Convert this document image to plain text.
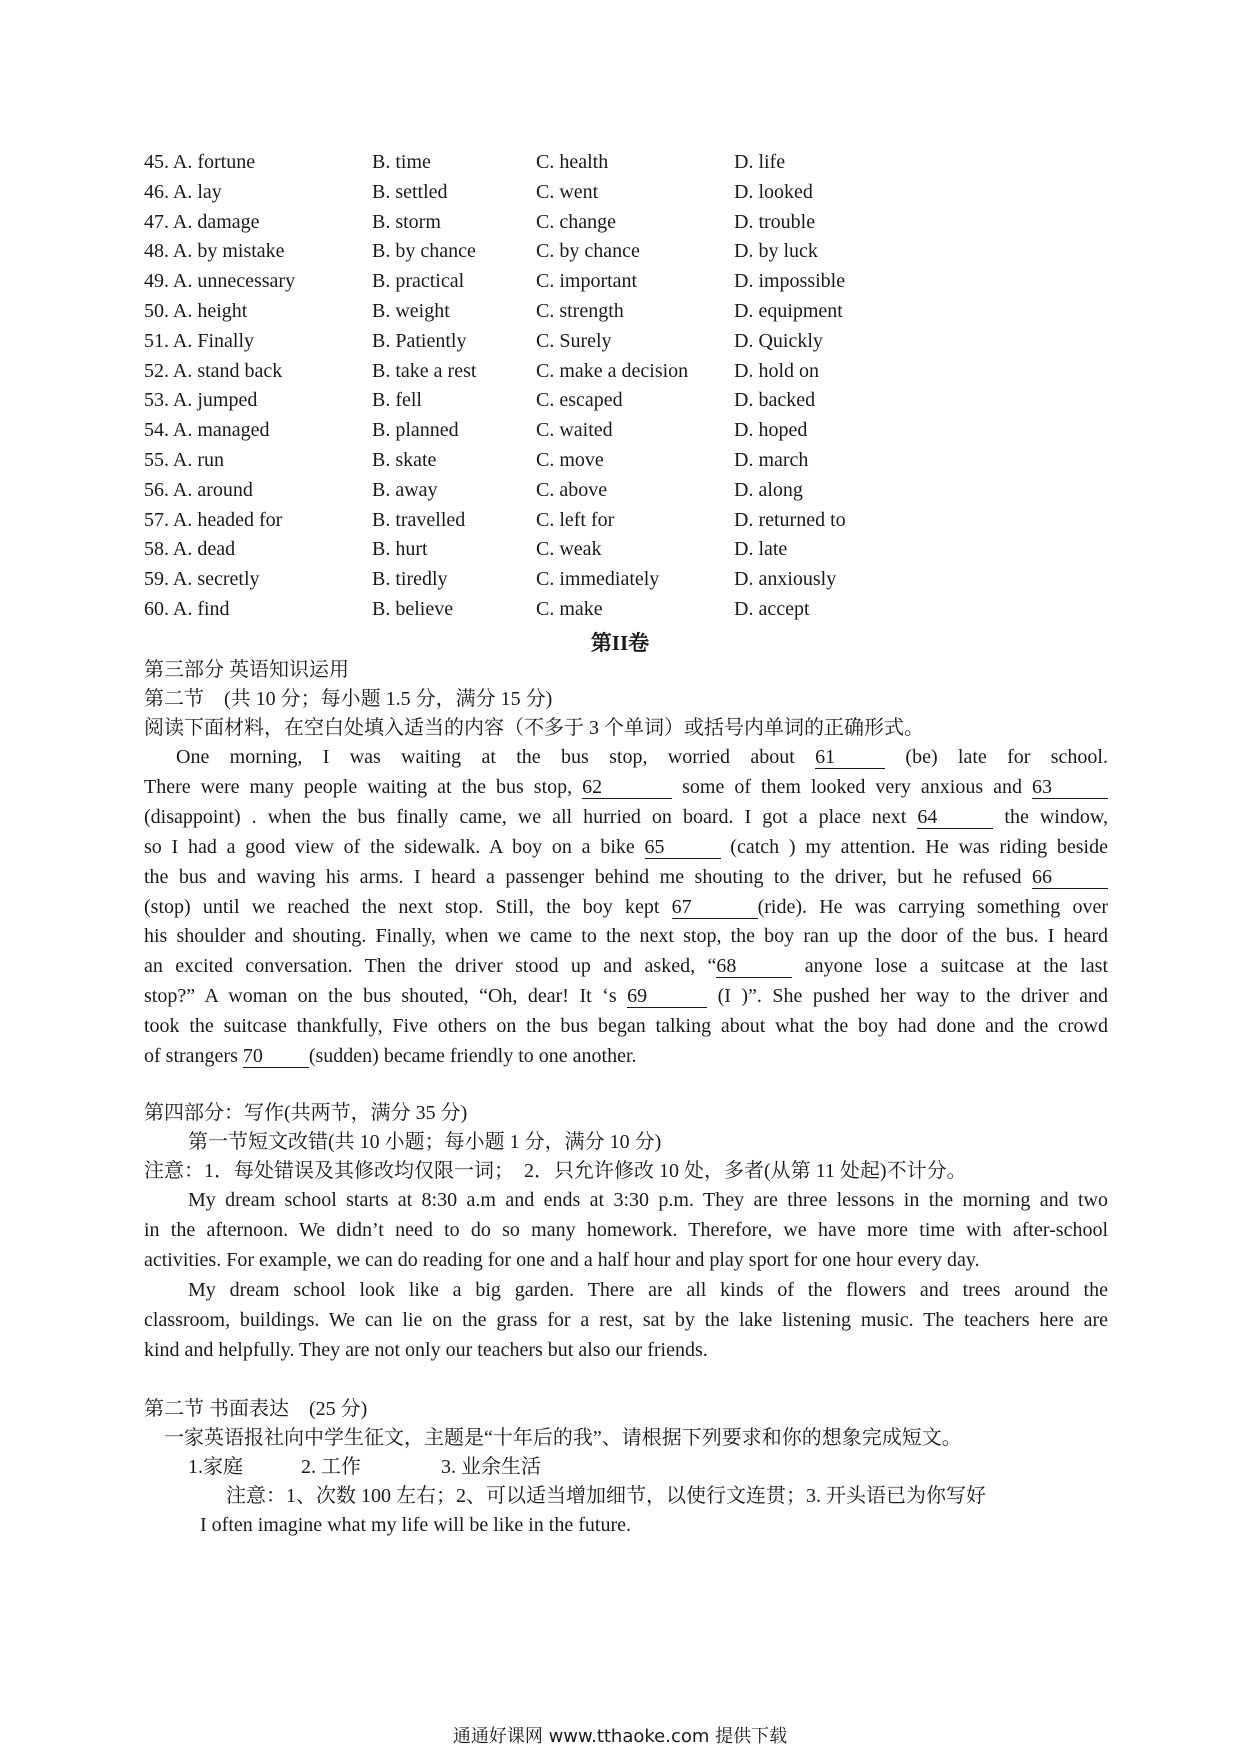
45. A. fortune	B. time	C. health	D. life
46. A. lay	B. settled	C. went	D. looked
47. A. damage	B. storm	C. change	D. trouble
48. A. by mistake	B. by chance	C. by chance	D. by luck
49. A. unnecessary	B. practical	C. important	D. impossible
50. A. height	B. weight	C. strength	D. equipment
51. A. Finally	B. Patiently	C. Surely	D. Quickly
52. A. stand back	B. take a rest	C. make a decision D. hold on
53. A. jumped	B. fell	C. escaped	D. backed
54. A. managed	B. planned	C. waited	D. hoped
55. A. run	B. skate	C. move	D. march
56. A. around	B. away	C. above	D. along
57. A. headed for	B. travelled	C. left for	D. returned to
58. A. dead	B. hurt	C. weak	D. late
59. A. secretly	B. tiredly	C. immediately	D. anxiously
60. A. find	B. believe	C. make	D. accept
第II卷
第三部分 英语知识运用
第二节　(共 10 分；每小题 1.5 分，满分 15 分)
阅读下面材料，在空白处填入适当的内容（不多于 3 个单词）或括号内单词的正确形式。
One morning, I was waiting at the bus stop, worried about 61	(be) late for school.
There were many people waiting at the bus stop, 62	some of them looked very anxious and 63
(disappoint) . when the bus finally came, we all hurried on board. I got a place next 64	the window,
so I had a good view of the sidewalk. A boy on a bike 65	(catch ) my attention. He was riding beside
the bus and waving his arms. I heard a passenger behind me shouting to the driver, but he refused 66
(stop) until we reached the next stop. Still, the boy kept 67	(ride). He was carrying something over
his shoulder and shouting. Finally, when we came to the next stop, the boy ran up the door of the bus. I heard
an excited conversation. Then the driver stood up and asked, “68	anyone lose a suitcase at the last
stop?” A woman on the bus shouted, “Oh, dear! It ‘s 69	(I )”. She pushed her way to the driver and
took the suitcase thankfully, Five others on the bus began talking about what the boy had done and the crowd
of strangers 70 (sudden) became friendly to one another.
第四部分：写作(共两节，满分 35 分)
第一节短文改错(共 10 小题；每小题 1 分，满分 10 分)
注意：1．每处错误及其修改均仅限一词；　2．只允许修改 10 处，多者(从第 11 处起)不计分。
My dream school starts at 8:30 a.m and ends at 3:30 p.m. They are three lessons in the morning and two
in the afternoon. We didn’t need to do so many homework. Therefore, we have more time with after-school
activities. For example, we can do reading for one and a half hour and play sport for one hour every day.
My dream school look like a big garden. There are all kinds of the flowers and trees around the
classroom, buildings. We can lie on the grass for a rest, sat by the lake listening music. The teachers here are
kind and helpfully. They are not only our teachers but also our friends.
第二节 书面表达　(25 分)
一家英语报社向中学生征文，主题是“十年后的我”、请根据下列要求和你的想象完成短文。
1.家庭	2. 工作	3. 业余生活
注意：1、次数 100 左右；2、可以适当增加细节，以使行文连贯；3. 开头语已为你写好
I often imagine what my life will be like in the future.
通通好课网 www.tthaoke.com 提供下载
